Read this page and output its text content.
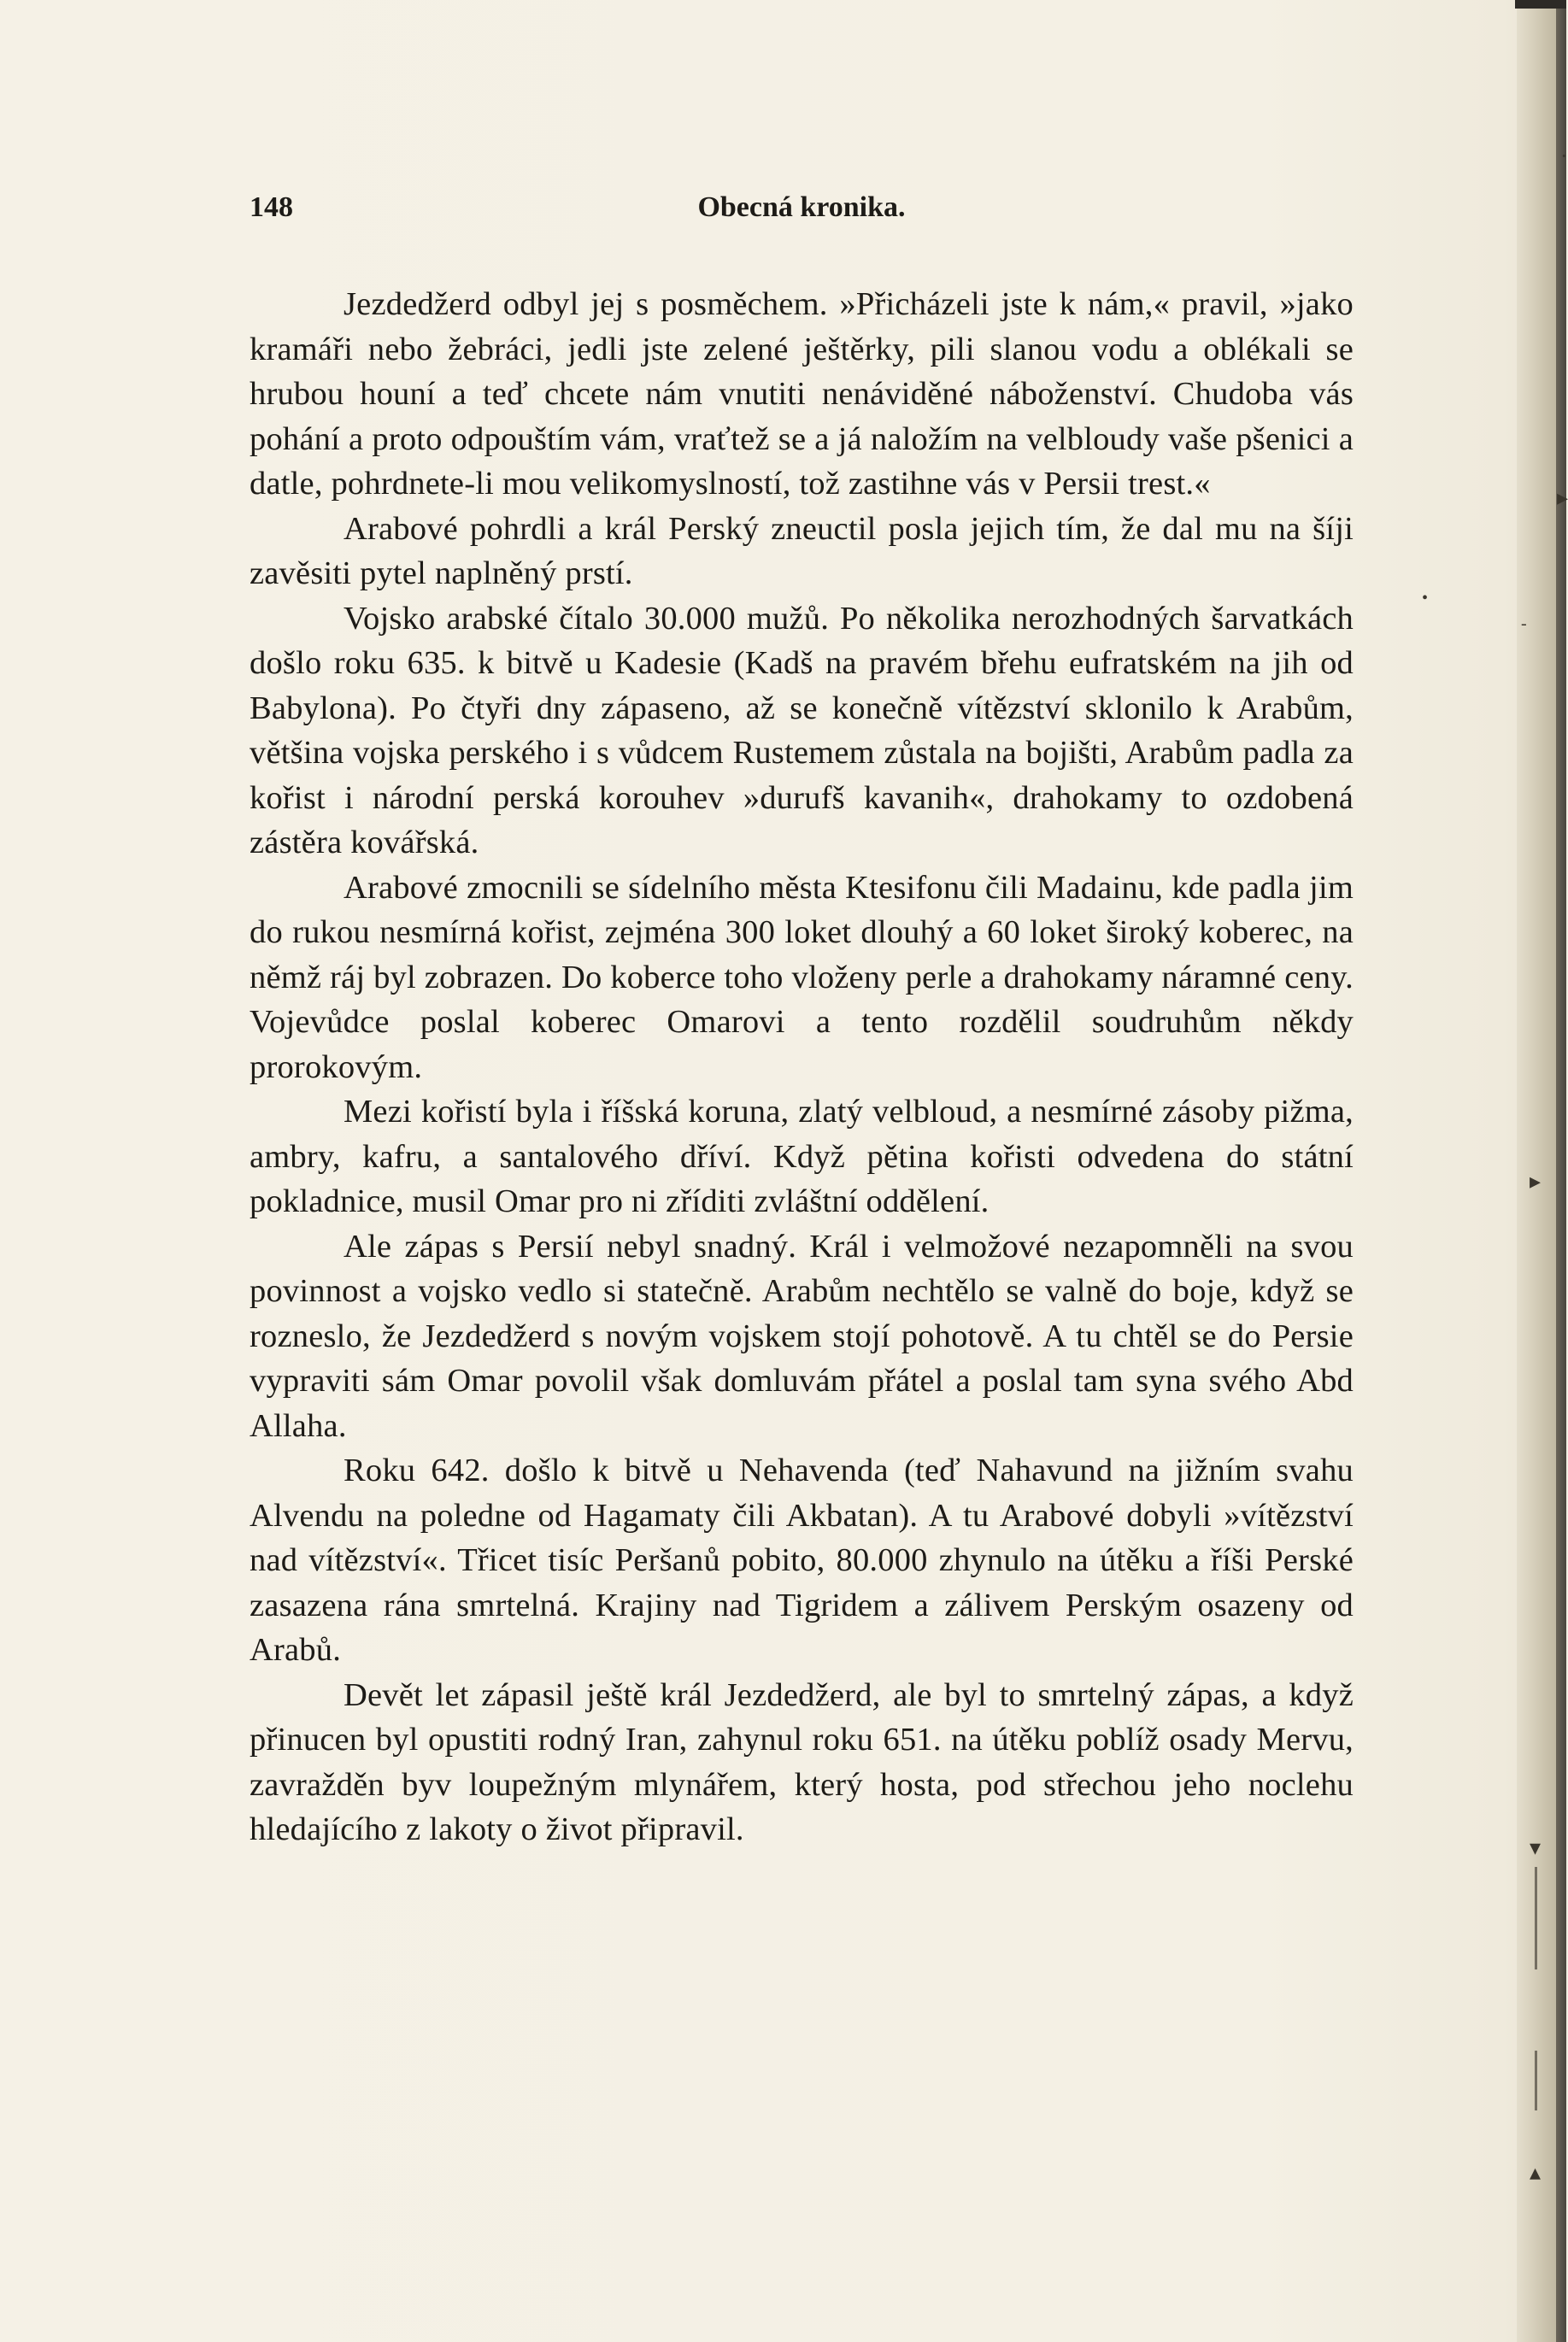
·
▸
•
-
▸
▾
▴
148	Obecná kronika.

Jezdedžerd odbyl jej s posměchem. »Přicházeli jste k nám,« pravil, »jako kramáři nebo žebráci, jedli jste zelené ještěrky, pili slanou vodu a oblékali se hrubou houní a teď chcete nám vnutiti nenáviděné náboženství. Chudoba vás pohání a proto odpouštím vám, vraťtež se a já naložím na velbloudy vaše pšenici a datle, pohrdnete-li mou velikomyslností, tož zastihne vás v Persii trest.«

Arabové pohrdli a král Perský zneuctil posla jejich tím, že dal mu na šíji zavěsiti pytel naplněný prstí.

Vojsko arabské čítalo 30.000 mužů. Po několika nerozhodných šarvatkách došlo roku 635. k bitvě u Kadesie (Kadš na pravém břehu eufratském na jih od Babylona). Po čtyři dny zápaseno, až se konečně vítězství sklonilo k Arabům, většina vojska perského i s vůdcem Rustemem zůstala na bojišti, Arabům padla za kořist i národní perská korouhev »durufš kavanih«, drahokamy to ozdobená zástěra kovářská.

Arabové zmocnili se sídelního města Ktesifonu čili Madainu, kde padla jim do rukou nesmírná kořist, zejména 300 loket dlouhý a 60 loket široký koberec, na němž ráj byl zobrazen. Do koberce toho vloženy perle a drahokamy náramné ceny. Vojevůdce poslal koberec Omarovi a tento rozdělil soudruhům někdy prorokovým.

Mezi kořistí byla i říšská koruna, zlatý velbloud, a nesmírné zásoby pižma, ambry, kafru, a santalového dříví. Když pětina kořisti odvedena do státní pokladnice, musil Omar pro ni zříditi zvláštní oddělení.

Ale zápas s Persií nebyl snadný. Král i velmožové nezapomněli na svou povinnost a vojsko vedlo si statečně. Arabům nechtělo se valně do boje, když se rozneslo, že Jezdedžerd s novým vojskem stojí pohotově. A tu chtěl se do Persie vypraviti sám Omar povolil však domluvám přátel a poslal tam syna svého Abd Allaha.

Roku 642. došlo k bitvě u Nehavenda (teď Nahavund na jižním svahu Alvendu na poledne od Hagamaty čili Akbatan). A tu Arabové dobyli »vítězství nad vítězství«. Třicet tisíc Peršanů pobito, 80.000 zhynulo na útěku a říši Perské zasazena rána smrtelná. Krajiny nad Tigridem a zálivem Perským osazeny od Arabů.

Devět let zápasil ještě král Jezdedžerd, ale byl to smrtelný zápas, a když přinucen byl opustiti rodný Iran, zahynul roku 651. na útěku poblíž osady Mervu, zavražděn byv loupežným mlynářem, který hosta, pod střechou jeho noclehu hledajícího z lakoty o život připravil.
